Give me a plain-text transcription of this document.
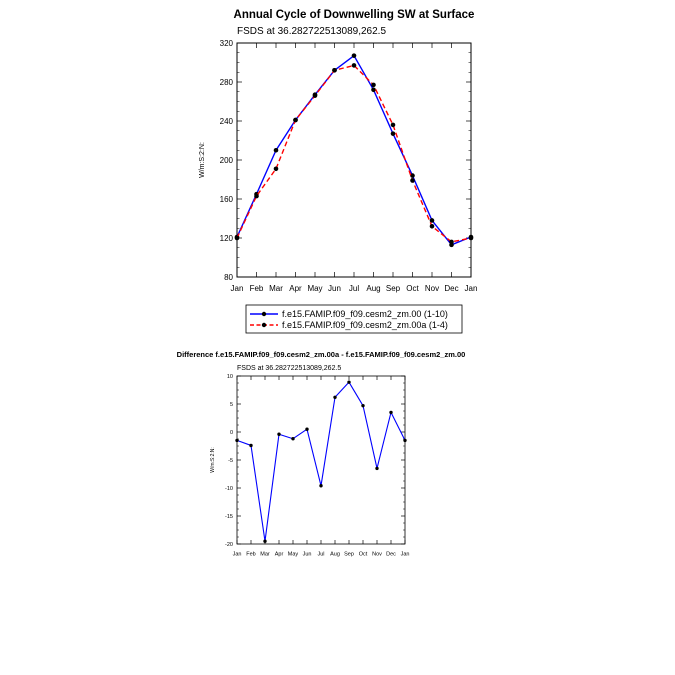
Annual Cycle of Downwelling SW at Surface
FSDS at 36.282722513089,262.5
W/m:S:2:N:
80
120
160
200
240
280
320
Jan Feb Mar Apr May Jun Jul Aug Sep Oct Nov Dec Jan
f.e15.FAMIP.f09_f09.cesm2_zm.00 (1-10)
f.e15.FAMIP.f09_f09.cesm2_zm.00a (1-4)
Difference f.e15.FAMIP.f09_f09.cesm2_zm.00a - f.e15.FAMIP.f09_f09.cesm2_zm.00
FSDS at 36.282722513089,262.5
W/m:S:2:N:
-20
-15
-10
-5
0
5
10
Jan Feb Mar Apr May Jun Jul Aug Sep Oct Nov Dec Jan
